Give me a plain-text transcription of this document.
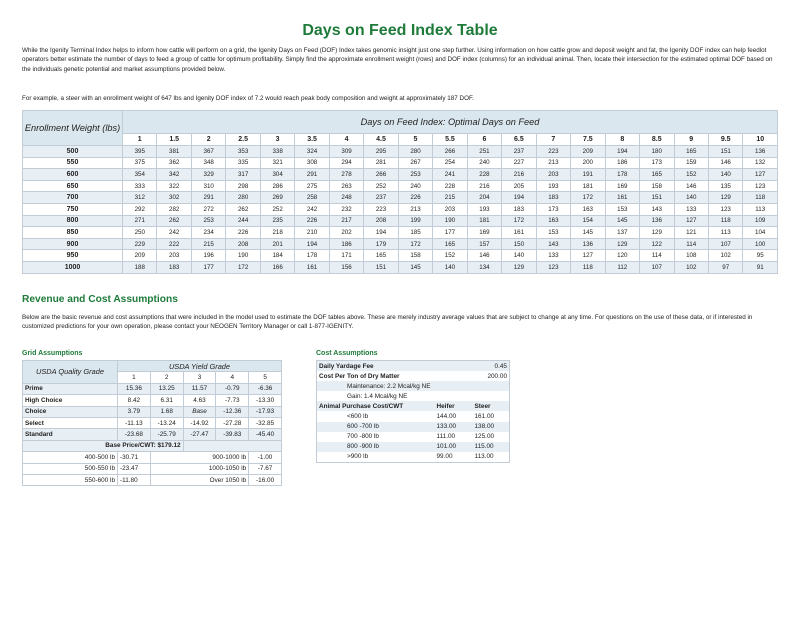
Days on Feed Index Table
While the Igenity Terminal Index helps to inform how cattle will perform on a grid, the Igenity Days on Feed (DOF) Index takes genomic insight just one step further. Using information on how cattle grow and deposit weight and fat, the Igenity DOF index can help feedlot operators better estimate the number of days to feed a group of cattle for optimum profitability. Simply find the approximate enrollment weight (rows) and DOF index (columns) for an individual animal. Then, locate their intersection for the estimated optimal DOF based on the individuals genetic potential and market assumptions provided below.
For example, a steer with an enrollment weight of 647 lbs and Igenity DOF index of 7.2 would reach peak body composition and weight at approximately 187 DOF.
Enrollment Weight (lbs)	Days on Feed Index: Optimal Days on Feed																		
	1	1.5	2	2.5	3	3.5	4	4.5	5	5.5	6	6.5	7	7.5	8	8.5	9	9.5	10
500	395	381	367	353	338	324	309	295	280	266	251	237	223	209	194	180	165	151	136
550	375	362	348	335	321	308	294	281	267	254	240	227	213	200	186	173	159	146	132
600	354	342	329	317	304	291	278	266	253	241	228	216	203	191	178	165	152	140	127
650	333	322	310	298	286	275	263	252	240	228	216	205	193	181	169	158	146	135	123
700	312	302	291	280	269	258	248	237	226	215	204	194	183	172	161	151	140	129	118
750	292	282	272	262	252	242	232	223	213	203	193	183	173	163	153	143	133	123	113
800	271	262	253	244	235	226	217	208	199	190	181	172	163	154	145	136	127	118	109
850	250	242	234	226	218	210	202	194	185	177	169	161	153	145	137	129	121	113	104
900	229	222	215	208	201	194	186	179	172	165	157	150	143	136	129	122	114	107	100
950	209	203	196	190	184	178	171	165	158	152	146	140	133	127	120	114	108	102	95
1000	188	183	177	172	166	161	156	151	145	140	134	129	123	118	112	107	102	97	91
Revenue and Cost Assumptions
Below are the basic revenue and cost assumptions that were included in the model used to estimate the DOF tables above. These are merely industry average values that are subject to change at any time. For questions on the use of these data, or if interested in customized predictions for your own operation, please contact your NEOGEN Territory Manager or call 1-877-IGENITY.
Grid Assumptions	Cost Assumptions
USDA Quality Grade	USDA Yield Grade				
	1	2	3	4	5
Prime	15.36	13.25	11.57	-0.79	-6.36
High Choice	8.42	6.31	4.63	-7.73	-13.30
Choice	3.79	1.68	Base	-12.36	-17.93
Select	-11.13	-13.24	-14.92	-27.28	-32.85
Standard	-23.68	-25.79	-27.47	-39.83	-45.40
Base Price/CWT: $179.12					
400-500 lb	-30.71	900-1000 lb			-1.00
500-550 lb	-23.47	1000-1050 lb			-7.67
550-600 lb	-11.80	Over 1050 lb			-16.00
Daily Yardage Fee		0.45
Cost Per Ton of Dry Matter		200.00
Maintenance: 2.2 Mcal/kg NE		
Gain: 1.4 Mcal/kg NE		
Animal Purchase Cost/CWT	Heifer	Steer
<600 lb	144.00	161.00
600 -700 lb	133.00	138.00
700 -800 lb	111.00	125.00
800 -900 lb	101.00	115.00
>900 lb	99.00	113.00
